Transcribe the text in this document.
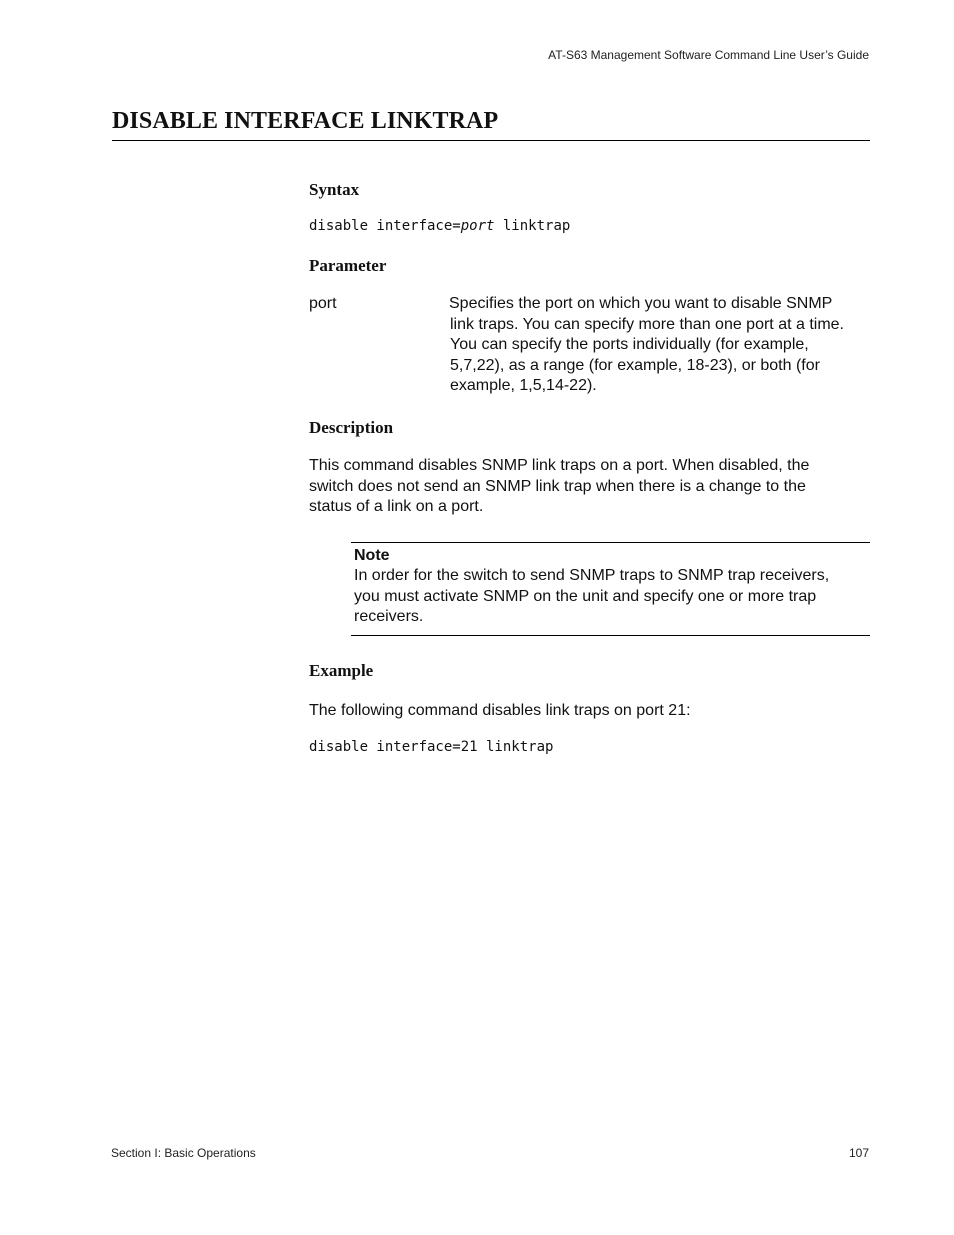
AT-S63 Management Software Command Line User’s Guide
DISABLE INTERFACE LINKTRAP
Syntax
disable interface=port linktrap
Parameter
port	Specifies the port on which you want to disable SNMP
link traps. You can specify more than one port at a time.
You can specify the ports individually (for example,
5,7,22), as a range (for example, 18-23), or both (for
example, 1,5,14-22).
Description
This command disables SNMP link traps on a port. When disabled, the
switch does not send an SNMP link trap when there is a change to the
status of a link on a port.
Note
In order for the switch to send SNMP traps to SNMP trap receivers,
you must activate SNMP on the unit and specify one or more trap
receivers.
Example
The following command disables link traps on port 21:
disable interface=21 linktrap
Section I: Basic Operations	107
